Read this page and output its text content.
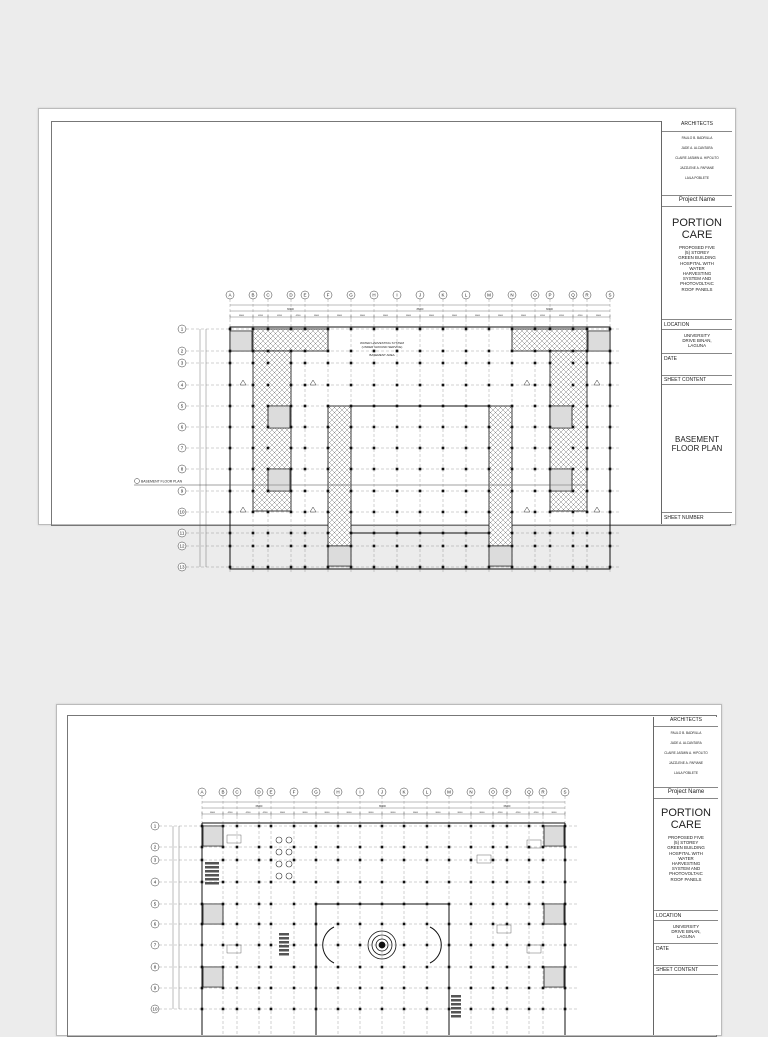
A	B	C	D E	F	G	H	I	J	K	L	M	N	O	P	Q R	S
1
2
3
4
5
6
7
8
9
10
11
12
13
66000	86000	66000
8000	4200	4200	4200	8000	8000	8000	8000	8000	8000	8000	8000	8000	8000	4200	4200	4200	8000
WATER HARVESTING SYSTEM
(UNDER GROUND SERVICE)
BASEMENT AREA
BASEMENT FLOOR PLAN
ARCHITECTS
PAULO B. BADRILLA
JADE A. ALCANTARA
CLAIRE JASMIN A. HIPOLITO
JAZZLENE A. PAPIANE
LAILA POBLETE
Project Name
PORTION
CARE
PROPOSED FIVE
(5) STOREY
GREEN BUILDING
HOSPITAL WITH
WATER
HARVESTING
SYSTEM AND
PHOTOVOLTAIC
ROOF PANELS
LOCATION
UNIVERSITY
DRIVE BINAN,
LAGUNA
DATE
SHEET CONTENT
BASEMENT
FLOOR PLAN
SHEET NUMBER
A	B C	D E	F	G	H	I	J	K	L	M	N	O P	Q R	S
1
2
3
4
5
6
7
8
9
10
66000	86000	66000
8000	4200	4200	4200	8000	8000	8000	8000	8000	8000	8000	8000	8000	8000	4200	4200	4200	8000
ARCHITECTS
PAULO B. BADRILLA
JADE A. ALCANTARA
CLAIRE JASMIN A. HIPOLITO
JAZZLENE A. PAPIANE
LAILA POBLETE
Project Name
PORTION
CARE
PROPOSED FIVE
(5) STOREY
GREEN BUILDING
HOSPITAL WITH
WATER
HARVESTING
SYSTEM AND
PHOTOVOLTAIC
ROOF PANELS
LOCATION
UNIVERSITY
DRIVE BINAN,
LAGUNA
DATE
SHEET CONTENT
